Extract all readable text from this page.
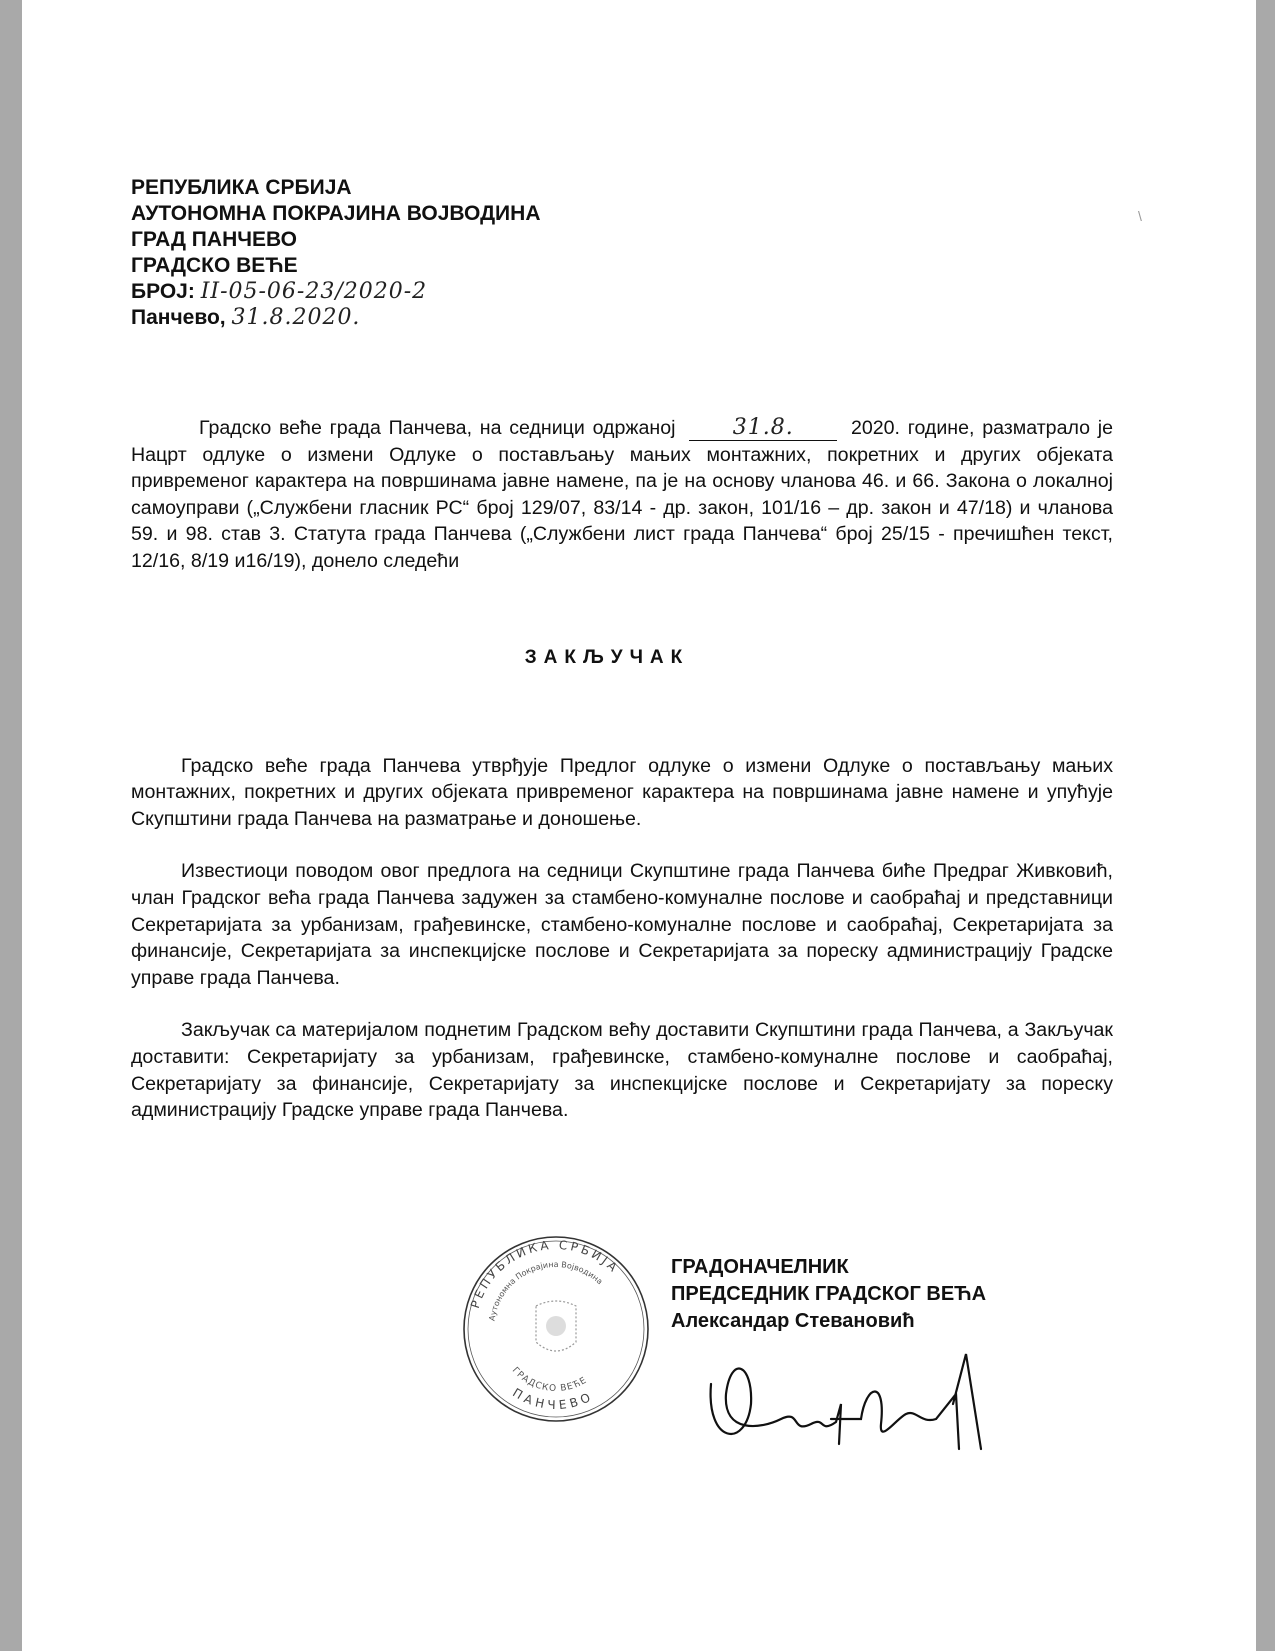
\
РЕПУБЛИКА СРБИЈА
АУТОНОМНА ПОКРАЈИНА ВОЈВОДИНА
ГРАД ПАНЧЕВО
ГРАДСКО ВЕЋЕ
БРОЈ: II-05-06-23/2020-2
Панчево, 31.8.2020.

Градско веће града Панчева, на седници одржаној	31.8.	2020. године, разматрало је Нацрт одлуке о измени Одлуке о постављању мањих монтажних, покретних и других објеката привременог карактера на површинама јавне намене, па је на основу чланова 46. и 66. Закона о локалној самоуправи („Службени гласник РС“ број 129/07, 83/14 - др. закон, 101/16 – др. закон и 47/18) и чланова 59. и 98. став 3. Статута града Панчева („Службени лист града Панчева“ број 25/15 - пречишћен текст, 12/16, 8/19 и16/19), донело следећи

ЗАКЉУЧАК

Градско веће града Панчева утврђује Предлог одлуке о измени Одлуке о постављању мањих монтажних, покретних и других објеката привременог карактера на површинама јавне намене и упућује Скупштини града Панчева на разматрање и доношење.

Известиоци поводом овог предлога на седници Скупштине града Панчева биће Предраг Живковић, члан Градског већа града Панчева задужен за стамбено-комуналне послове и саобраћај и представници Секретаријата за урбанизам, грађевинске, стамбено-комуналне послове и саобраћај, Секретаријата за финансије, Секретаријата за инспекцијске послове и Секретаријата за пореску администрацију Градске управе града Панчева.

Закључак са материјалом поднетим Градском већу доставити Скупштини града Панчева, а Закључак доставити: Секретаријату за урбанизам, грађевинске, стамбено-комуналне послове и саобраћај, Секретаријату за финансије, Секретаријату за инспекцијске послове и Секретаријату за пореску администрацију Градске управе града Панчева.

РЕПУБЛИКА СРБИЈА
Аутономна Покрајина Војводина
ПАНЧЕВО
ГРАДСКО ВЕЋЕ
ГРАДОНАЧЕЛНИК
ПРЕДСЕДНИК ГРАДСКОГ ВЕЋА
Александар Стевановић
